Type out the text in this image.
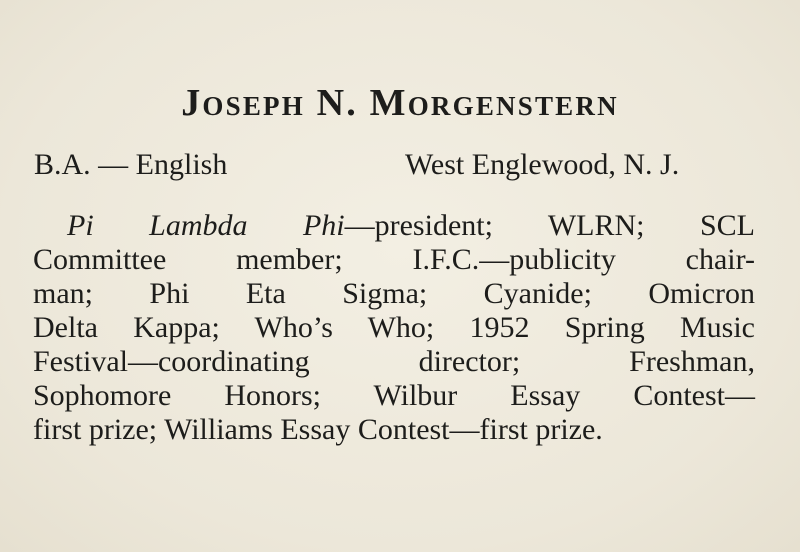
Joseph N. Morgenstern
B.A. — English	West Englewood, N. J.
Pi Lambda Phi—president; WLRN; SCL
Committee member; I.F.C.—publicity chair-
man; Phi Eta Sigma; Cyanide; Omicron
Delta Kappa; Who’s Who; 1952 Spring Music
Festival—coordinating director; Freshman,
Sophomore Honors; Wilbur Essay Contest—
first prize; Williams Essay Contest—first prize.
